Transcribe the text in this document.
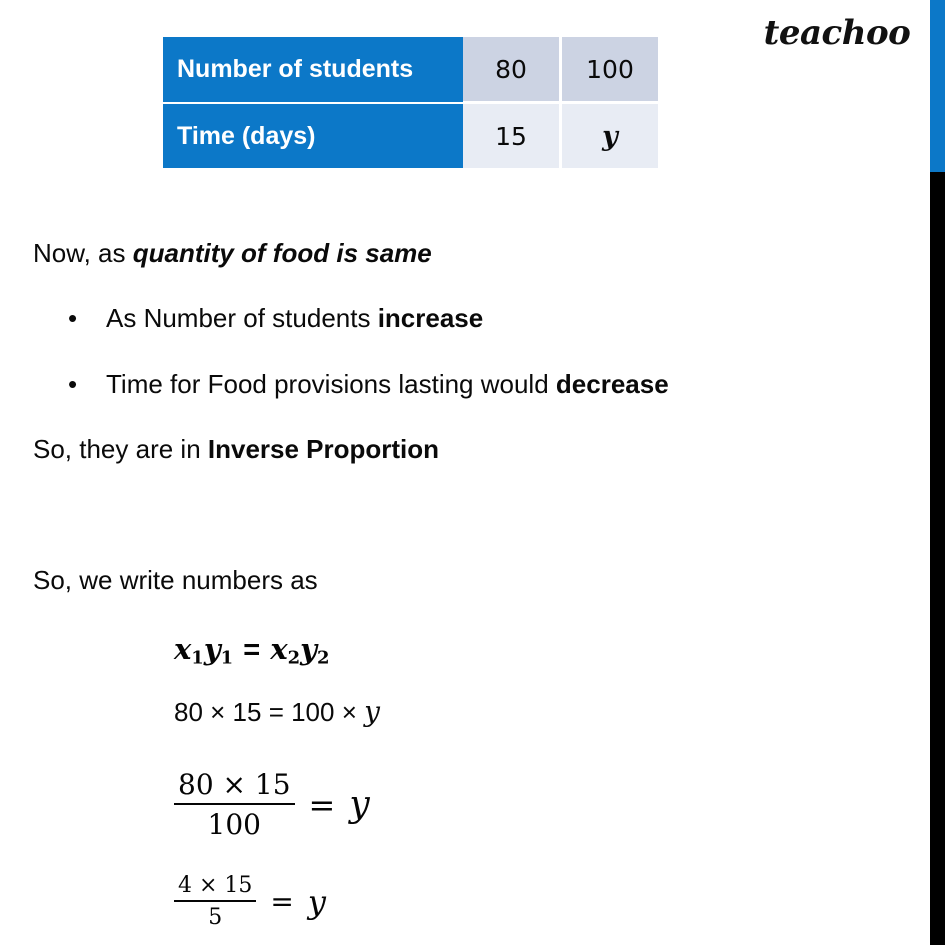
teachoo
Number of students	80	100
Time (days)	15	y
Now, as quantity of food is same
• As Number of students increase
• Time for Food provisions lasting would decrease
So, they are in Inverse Proportion
So, we write numbers as
$x_1y_1 = x_2y_2$
80 × 15 = 100 × y
$\frac{80 \times 15}{100} = y$
$\frac{4 \times 15}{5} = y$
